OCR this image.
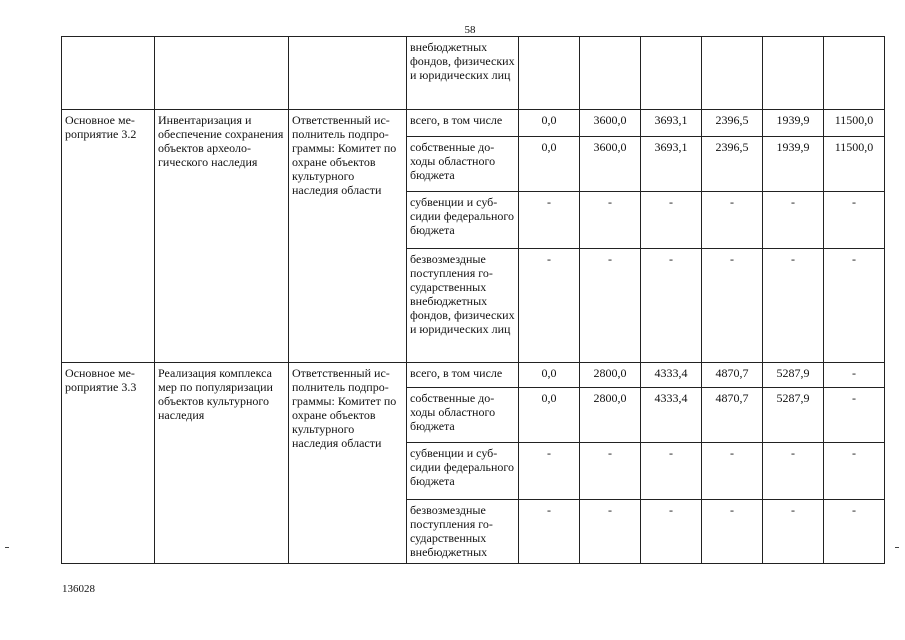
58
			внебюджетных фондов, физических и юридических лиц						
Основное мероприятие 3.2	Инвентаризация и обеспечение сохранения объектов археологического наследия	Ответственный исполнитель подпрограммы: Комитет по охране объектов культурного наследия области	всего, в том числе	0,0	3600,0	3693,1	2396,5	1939,9	11500,0
			собственные доходы областного бюджета	0,0	3600,0	3693,1	2396,5	1939,9	11500,0
			субвенции и субсидии федерального бюджета	-	-	-	-	-	-
			безвозмездные поступления государственных внебюджетных фондов, физических и юридических лиц	-	-	-	-	-	-
Основное мероприятие 3.3	Реализация комплекса мер по популяризации объектов культурного наследия	Ответственный исполнитель подпрограммы: Комитет по охране объектов культурного наследия области	всего, в том числе	0,0	2800,0	4333,4	4870,7	5287,9	-
			собственные доходы областного бюджета	0,0	2800,0	4333,4	4870,7	5287,9	-
			субвенции и субсидии федерального бюджета	-	-	-	-	-	-
			безвозмездные поступления государственных внебюджетных	-	-	-	-	-	-
136028
